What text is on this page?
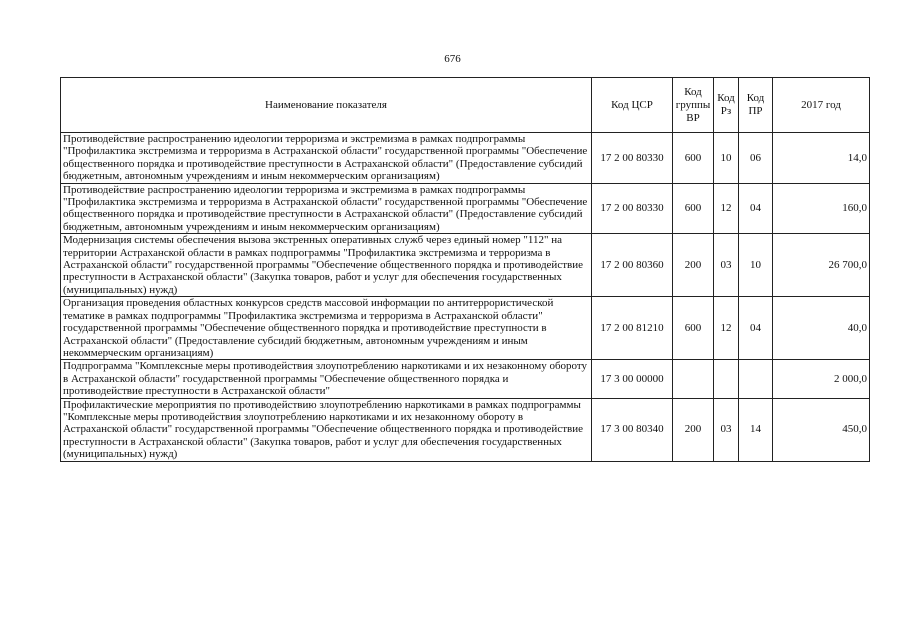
676
Наименование показателя	Код ЦСР	Код группы ВР	Код Рз	Код ПР	2017 год
Противодействие распространению идеологии терроризма и экстремизма в рамках подпрограммы "Профилактика экстремизма и терроризма в Астраханской области" государственной программы "Обеспечение общественного порядка и противодействие преступности в Астраханской области" (Предоставление субсидий бюджетным, автономным учреждениям и иным некоммерческим организациям)	17 2 00 80330	600	10	06	14,0
Противодействие распространению идеологии терроризма и экстремизма в рамках подпрограммы "Профилактика экстремизма и терроризма в Астраханской области" государственной программы "Обеспечение общественного порядка и противодействие преступности в Астраханской области" (Предоставление субсидий бюджетным, автономным учреждениям и иным некоммерческим организациям)	17 2 00 80330	600	12	04	160,0
Модернизация системы обеспечения вызова экстренных оперативных служб через единый номер "112" на территории Астраханской области в рамках подпрограммы "Профилактика экстремизма и терроризма в Астраханской области" государственной программы "Обеспечение общественного порядка и противодействие преступности в Астраханской области" (Закупка товаров, работ и услуг для обеспечения государственных (муниципальных) нужд)	17 2 00 80360	200	03	10	26 700,0
Организация проведения областных конкурсов средств массовой информации по антитеррористической тематике в рамках подпрограммы "Профилактика экстремизма и терроризма в Астраханской области" государственной программы "Обеспечение общественного порядка и противодействие преступности в Астраханской области" (Предоставление субсидий бюджетным, автономным учреждениям и иным некоммерческим организациям)	17 2 00 81210	600	12	04	40,0
Подпрограмма "Комплексные меры противодействия злоупотреблению наркотиками и их незаконному обороту в Астраханской области" государственной программы "Обеспечение общественного порядка и противодействие преступности в Астраханской области"	17 3 00 00000				2 000,0
Профилактические мероприятия по противодействию злоупотреблению наркотиками в рамках подпрограммы "Комплексные меры противодействия злоупотреблению наркотиками и их незаконному обороту в Астраханской области" государственной программы "Обеспечение общественного порядка и противодействие преступности в Астраханской области" (Закупка товаров, работ и услуг для обеспечения государственных (муниципальных) нужд)	17 3 00 80340	200	03	14	450,0
